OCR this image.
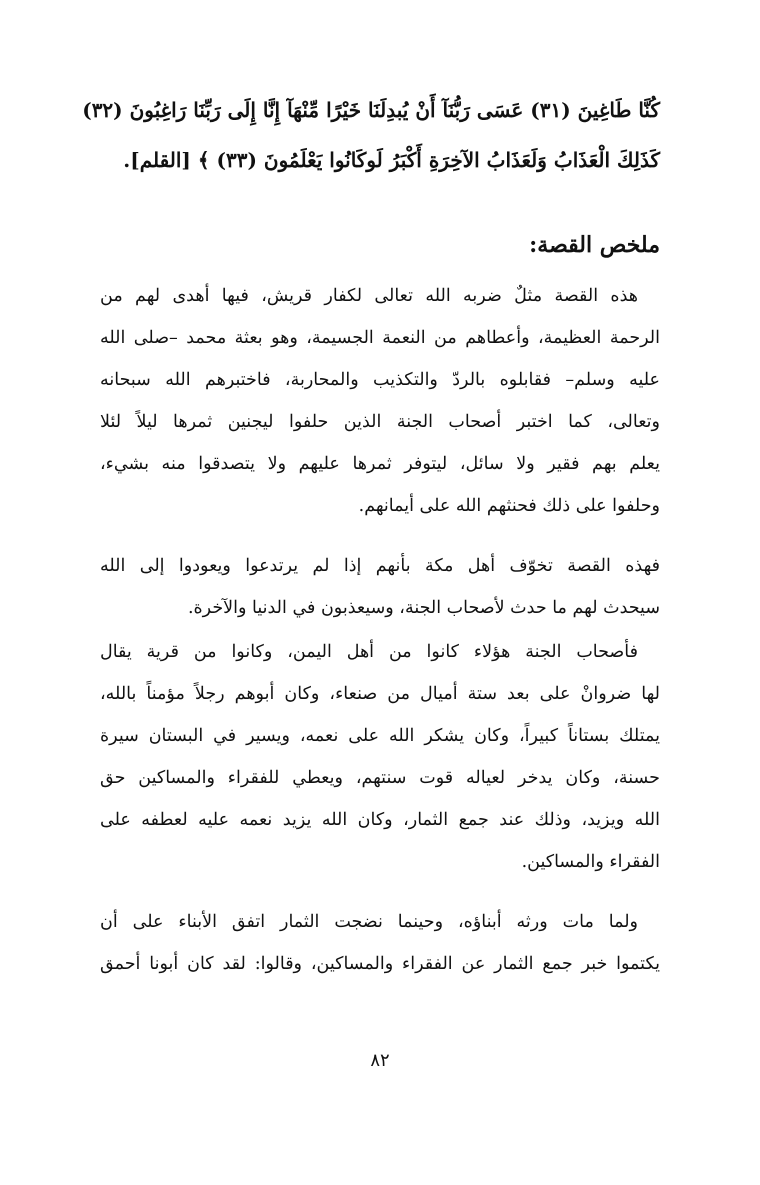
كُنَّا طَاغِينَ (٣١) عَسَى رَبُّنَآ أَنْ يُبدِلَنَا خَيْرًا مِّنْهَآ إِنَّا إِلَى رَبِّنَا رَاغِبُونَ (٣٢)
كَذَلِكَ الْعَذَابُ وَلَعَذَابُ الآخِرَةِ أَكْبَرُ لَوكَانُوا يَعْلَمُونَ (٣٣) ﴾ [القلم].
ملخص القصة:
هذه القصة مثلٌ ضربه الله تعالى لكفار قريش، فيها أهدى لهم من
الرحمة العظيمة، وأعطاهم من النعمة الجسيمة، وهو بعثة محمد –صلى الله
عليه وسلم– فقابلوه بالردّ والتكذيب والمحاربة، فاختبرهم الله سبحانه
وتعالى، كما اختبر أصحاب الجنة الذين حلفوا ليجنين ثمرها ليلاً لئلا
يعلم بهم فقير ولا سائل، ليتوفر ثمرها عليهم ولا يتصدقوا منه بشيء،
وحلفوا على ذلك فحنثهم الله على أيمانهم.
فهذه القصة تخوّف أهل مكة بأنهم إذا لم يرتدعوا ويعودوا إلى الله
سيحدث لهم ما حدث لأصحاب الجنة، وسيعذبون في الدنيا والآخرة.
فأصحاب الجنة هؤلاء كانوا من أهل اليمن، وكانوا من قرية يقال
لها ضروانْ على بعد ستة أميال من صنعاء، وكان أبوهم رجلاً مؤمناً بالله،
يمتلك بستاناً كبيراً، وكان يشكر الله على نعمه، ويسير في البستان سيرة
حسنة، وكان يدخر لعياله قوت سنتهم، ويعطي للفقراء والمساكين حق
الله ويزيد، وذلك عند جمع الثمار، وكان الله يزيد نعمه عليه لعطفه على
الفقراء والمساكين.
ولما مات ورثه أبناؤه، وحينما نضجت الثمار اتفق الأبناء على أن
يكتموا خبر جمع الثمار عن الفقراء والمساكين، وقالوا: لقد كان أبونا أحمق
٨٢
